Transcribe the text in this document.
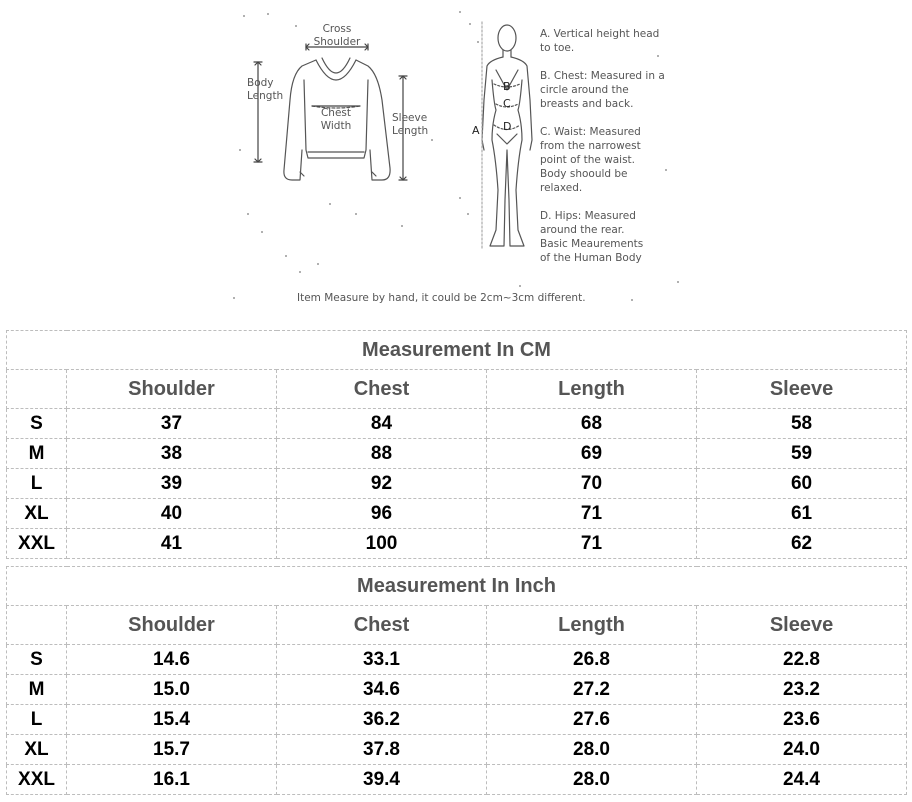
Cross
Shoulder
Body
Length
Chest
Width
Sleeve
Length	A
B
C
D
A. Vertical height head
to toe.
B. Chest: Measured in a
circle around the
breasts and back.
C. Waist: Measured
from the narrowest
point of the waist.
Body shoould be
relaxed.
D. Hips: Measured
around the rear.
Basic Meaurements
of the Human Body
Item Measure by hand, it could be 2cm~3cm different.
Measurement In CM				
	Shoulder	Chest	Length	Sleeve
S	37	84	68	58
M	38	88	69	59
L	39	92	70	60
XL	40	96	71	61
XXL	41	100	71	62
Measurement In Inch				
	Shoulder	Chest	Length	Sleeve
S	14.6	33.1	26.8	22.8
M	15.0	34.6	27.2	23.2
L	15.4	36.2	27.6	23.6
XL	15.7	37.8	28.0	24.0
XXL	16.1	39.4	28.0	24.4
